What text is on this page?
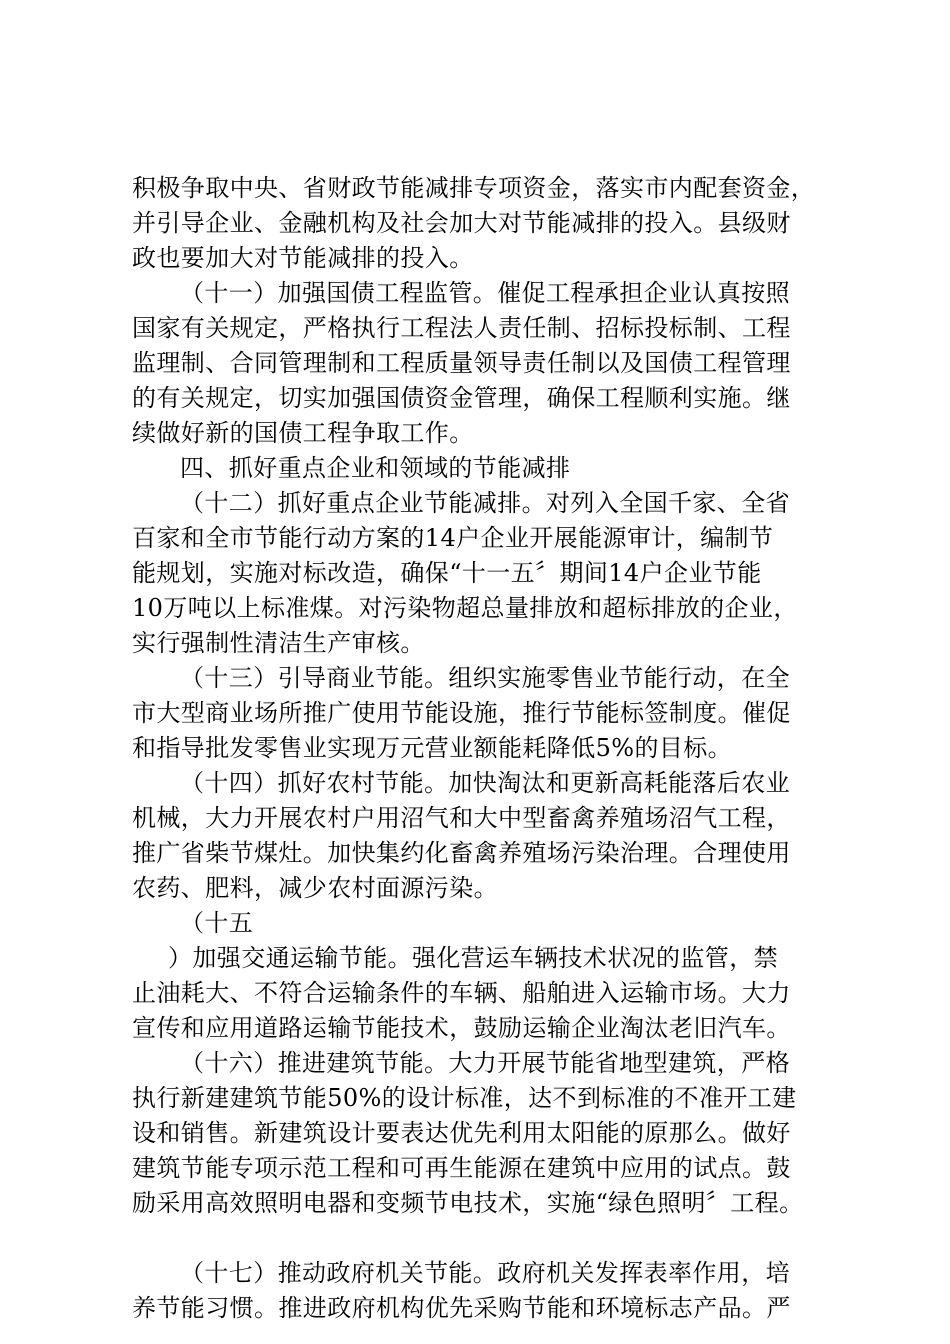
积极争取中央、省财政节能减排专项资金，落实市内配套资金，
并引导企业、金融机构及社会加大对节能减排的投入。县级财
政也要加大对节能减排的投入。
（十一）加强国债工程监管。催促工程承担企业认真按照
国家有关规定，严格执行工程法人责任制、招标投标制、工程
监理制、合同管理制和工程质量领导责任制以及国债工程管理
的有关规定，切实加强国债资金管理，确保工程顺利实施。继
续做好新的国债工程争取工作。
四、抓好重点企业和领域的节能减排
（十二）抓好重点企业节能减排。对列入全国千家、全省
百家和全市节能行动方案的14户企业开展能源审计，编制节
能规划，实施对标改造，确保“十一五〞期间14户企业节能
10万吨以上标准煤。对污染物超总量排放和超标排放的企业，
实行强制性清洁生产审核。
（十三）引导商业节能。组织实施零售业节能行动，在全
市大型商业场所推广使用节能设施，推行节能标签制度。催促
和指导批发零售业实现万元营业额能耗降低5%的目标。
（十四）抓好农村节能。加快淘汰和更新高耗能落后农业
机械，大力开展农村户用沼气和大中型畜禽养殖场沼气工程，
推广省柴节煤灶。加快集约化畜禽养殖场污染治理。合理使用
农药、肥料，减少农村面源污染。
（十五
）加强交通运输节能。强化营运车辆技术状况的监管，禁
止油耗大、不符合运输条件的车辆、船舶进入运输市场。大力
宣传和应用道路运输节能技术，鼓励运输企业淘汰老旧汽车。
（十六）推进建筑节能。大力开展节能省地型建筑，严格
执行新建建筑节能50%的设计标准，达不到标准的不准开工建
设和销售。新建筑设计要表达优先利用太阳能的原那么。做好
建筑节能专项示范工程和可再生能源在建筑中应用的试点。鼓
励采用高效照明电器和变频节电技术，实施“绿色照明〞工程。
（十七）推动政府机关节能。政府机关发挥表率作用，培
养节能习惯。推进政府机构优先采购节能和环境标志产品。严
